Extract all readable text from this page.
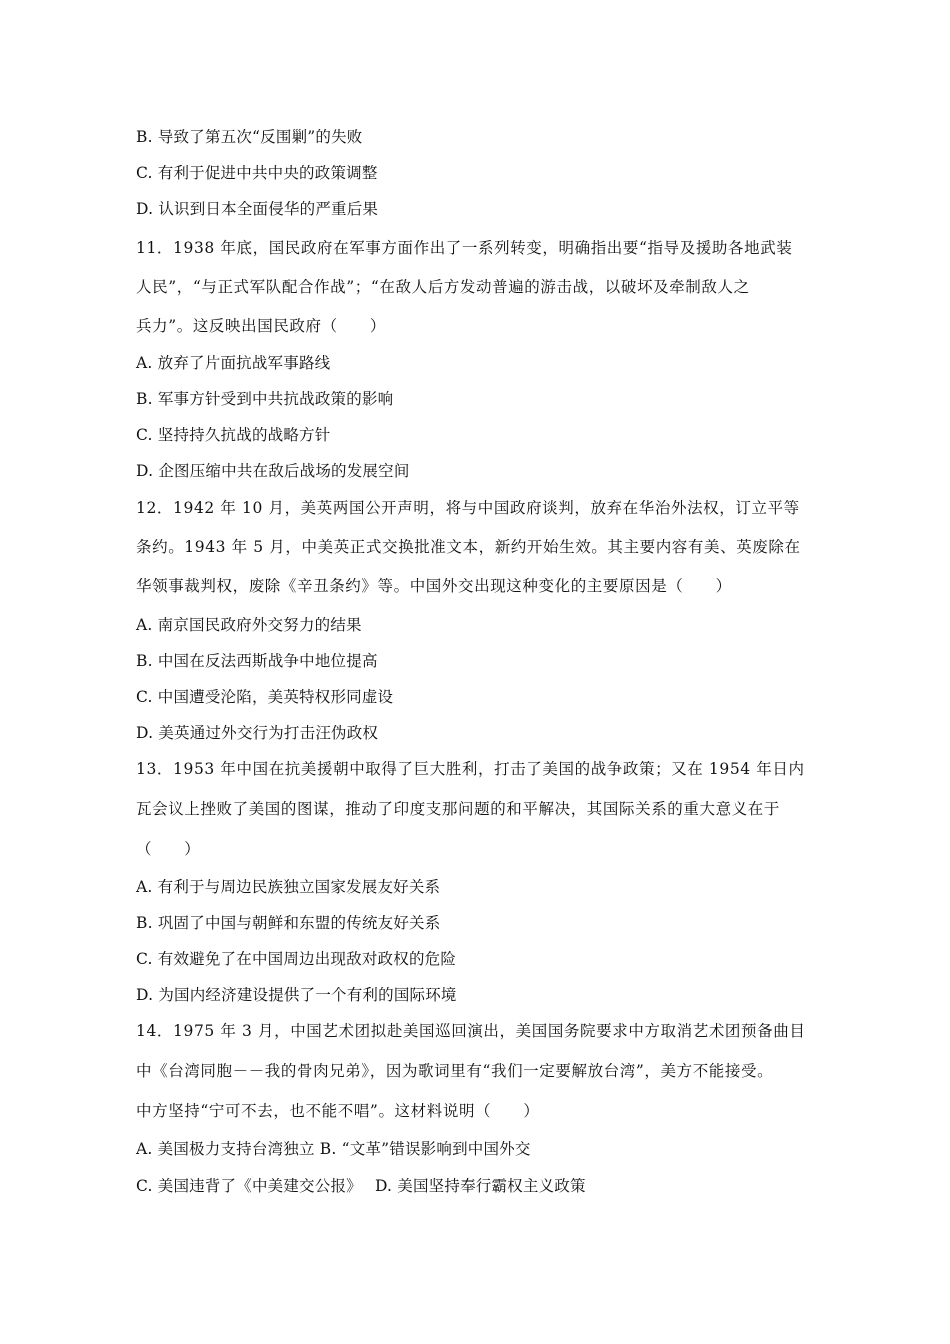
B. 导致了第五次“反围剿”的失败
C. 有利于促进中共中央的政策调整
D. 认识到日本全面侵华的严重后果
11．1938 年底，国民政府在军事方面作出了一系列转变，明确指出要“指导及援助各地武装
人民”，“与正式军队配合作战”；“在敌人后方发动普遍的游击战，以破坏及牵制敌人之
兵力”。这反映出国民政府（　　）
A. 放弃了片面抗战军事路线
B. 军事方针受到中共抗战政策的影响
C. 坚持持久抗战的战略方针
D. 企图压缩中共在敌后战场的发展空间
12．1942 年 10 月，美英两国公开声明，将与中国政府谈判，放弃在华治外法权，订立平等
条约。1943 年 5 月，中美英正式交换批准文本，新约开始生效。其主要内容有美、英废除在
华领事裁判权，废除《辛丑条约》等。中国外交出现这种变化的主要原因是（　　）
A. 南京国民政府外交努力的结果
B. 中国在反法西斯战争中地位提高
C. 中国遭受沦陷，美英特权形同虚设
D. 美英通过外交行为打击汪伪政权
13．1953 年中国在抗美援朝中取得了巨大胜利，打击了美国的战争政策；又在 1954 年日内
瓦会议上挫败了美国的图谋，推动了印度支那问题的和平解决，其国际关系的重大意义在于
（　　）
A. 有利于与周边民族独立国家发展友好关系
B. 巩固了中国与朝鲜和东盟的传统友好关系
C. 有效避免了在中国周边出现敌对政权的危险
D. 为国内经济建设提供了一个有利的国际环境
14．1975 年 3 月，中国艺术团拟赴美国巡回演出，美国国务院要求中方取消艺术团预备曲目
中《台湾同胞－－我的骨肉兄弟》，因为歌词里有“我们一定要解放台湾”，美方不能接受。
中方坚持“宁可不去，也不能不唱”。这材料说明（　　）
A. 美国极力支持台湾独立 B. “文革”错误影响到中国外交
C. 美国违背了《中美建交公报》　 D. 美国坚持奉行霸权主义政策
